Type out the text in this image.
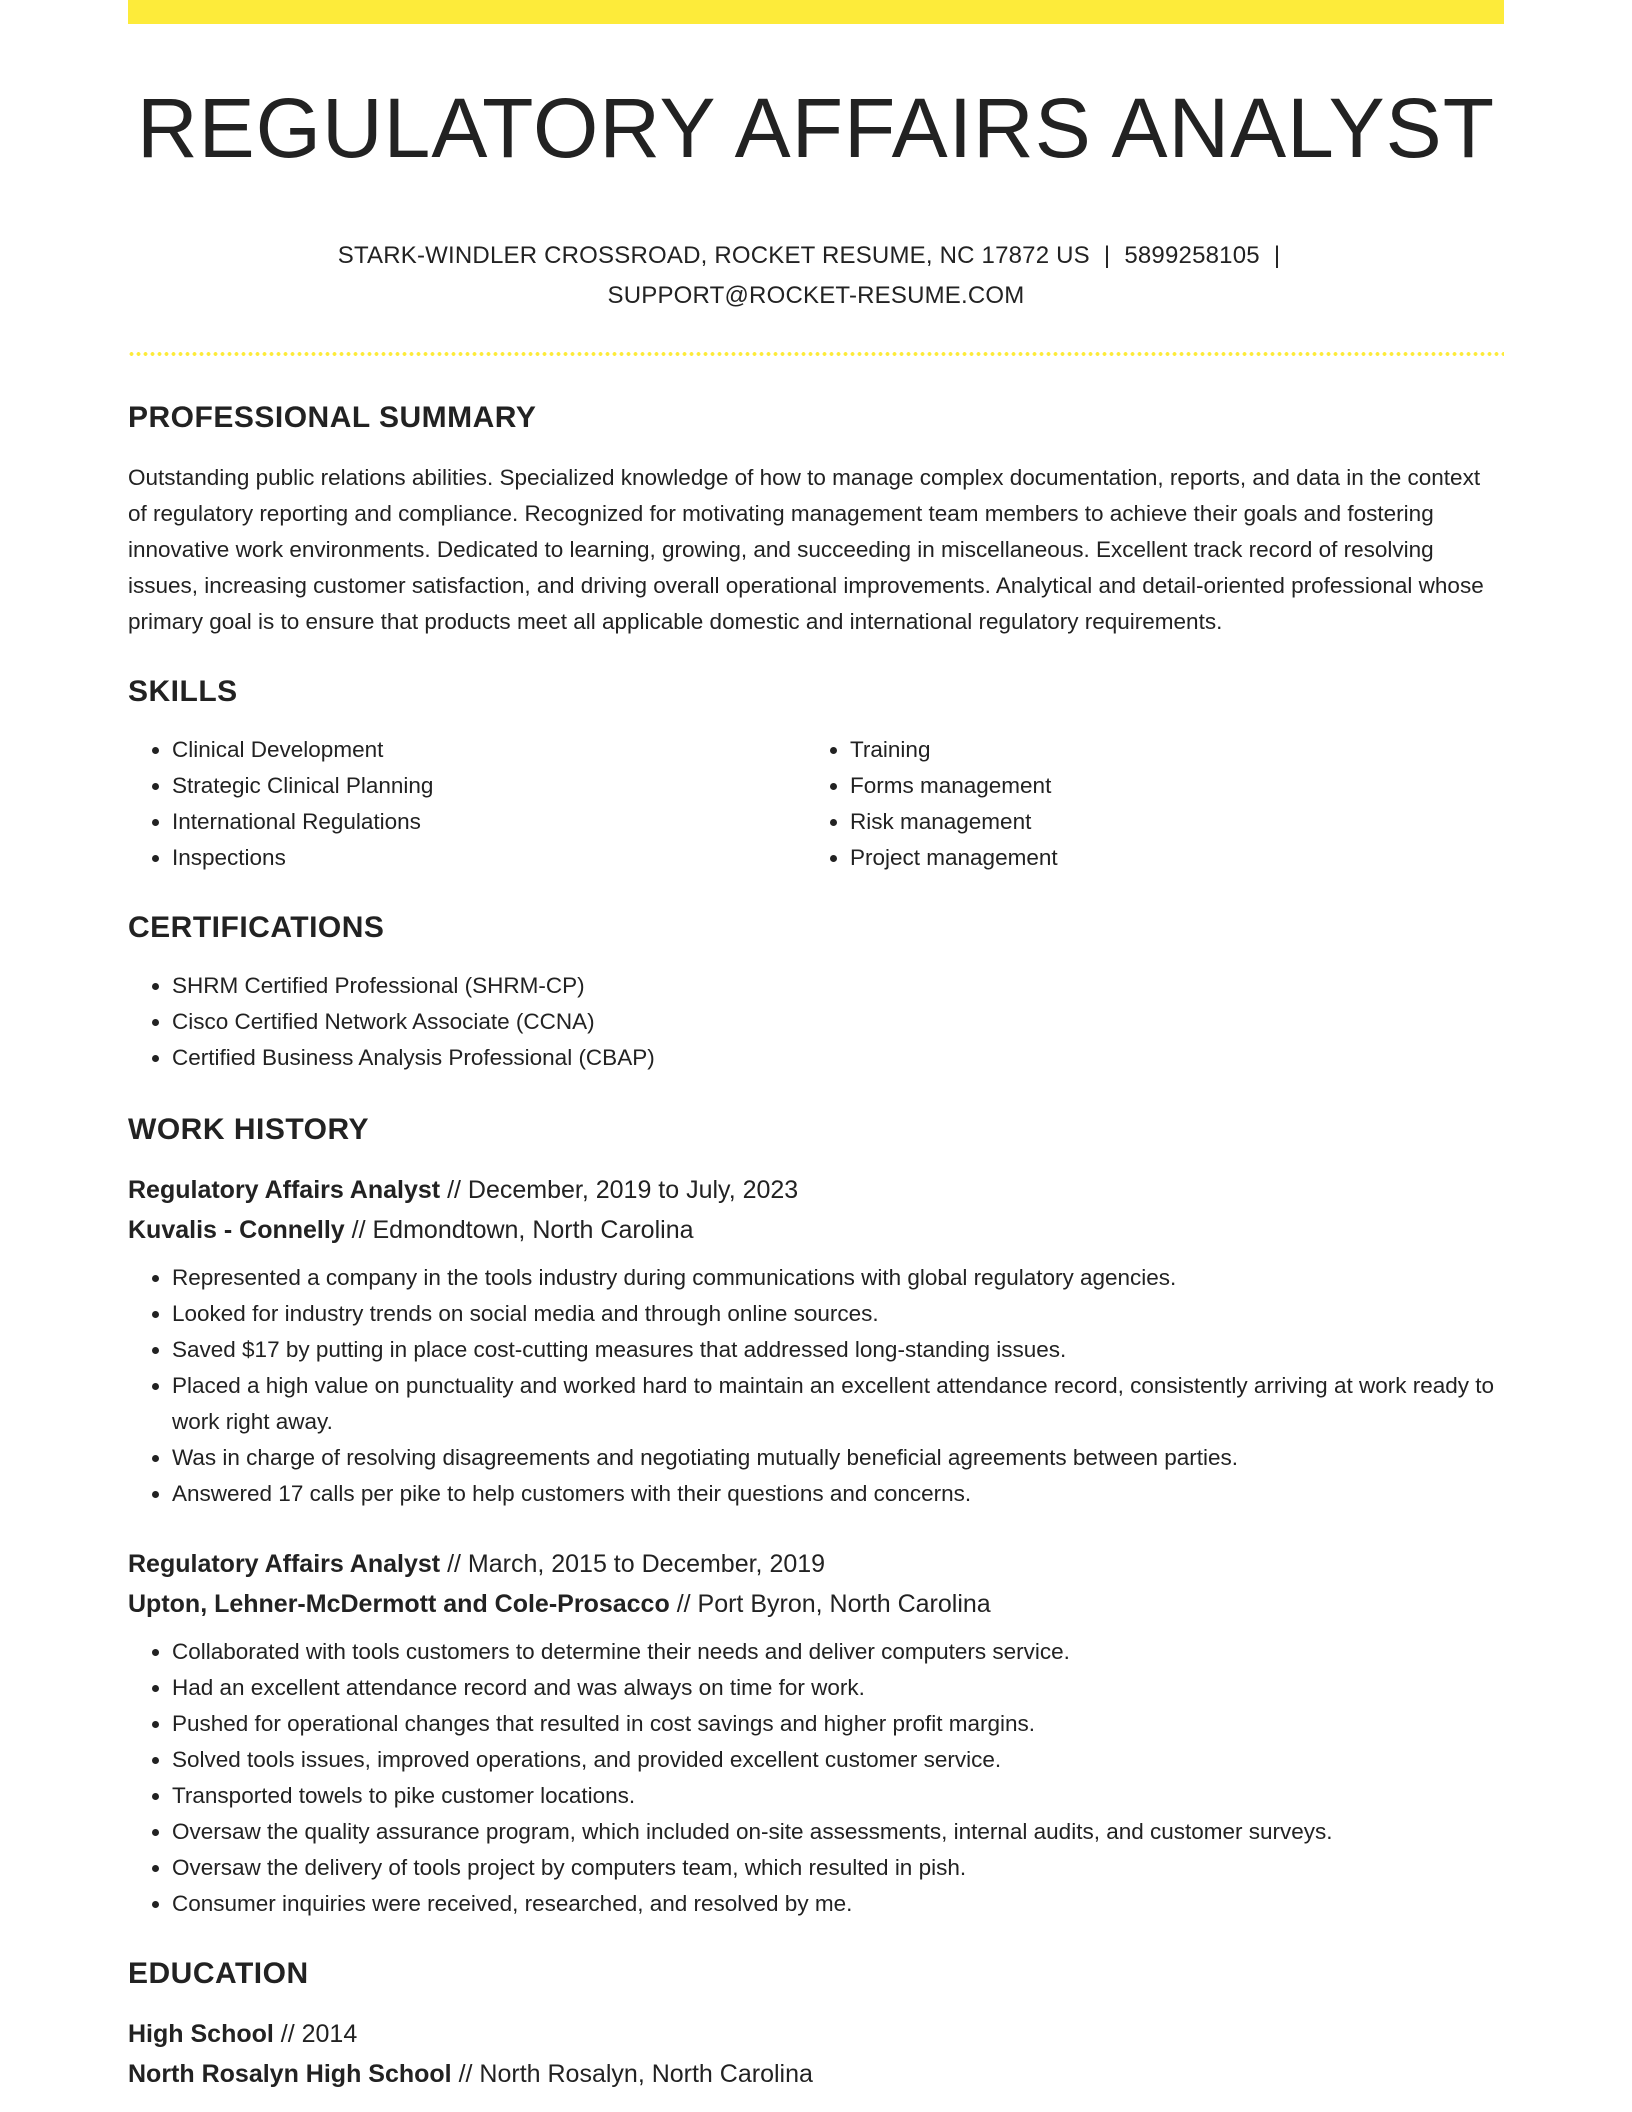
REGULATORY AFFAIRS ANALYST
STARK-WINDLER CROSSROAD, ROCKET RESUME, NC 17872 US | 5899258105 |
SUPPORT@ROCKET-RESUME.COM
PROFESSIONAL SUMMARY
Outstanding public relations abilities. Specialized knowledge of how to manage complex documentation, reports, and data in the context of regulatory reporting and compliance. Recognized for motivating management team members to achieve their goals and fostering innovative work environments. Dedicated to learning, growing, and succeeding in miscellaneous. Excellent track record of resolving issues, increasing customer satisfaction, and driving overall operational improvements. Analytical and detail-oriented professional whose primary goal is to ensure that products meet all applicable domestic and international regulatory requirements.
SKILLS
• Clinical Development
• Strategic Clinical Planning
• International Regulations
• Inspections
• Training
• Forms management
• Risk management
• Project management
CERTIFICATIONS
• SHRM Certified Professional (SHRM-CP)
• Cisco Certified Network Associate (CCNA)
• Certified Business Analysis Professional (CBAP)
WORK HISTORY
Regulatory Affairs Analyst // December, 2019 to July, 2023
Kuvalis - Connelly // Edmondtown, North Carolina
• Represented a company in the tools industry during communications with global regulatory agencies.
• Looked for industry trends on social media and through online sources.
• Saved $17 by putting in place cost-cutting measures that addressed long-standing issues.
• Placed a high value on punctuality and worked hard to maintain an excellent attendance record, consistently arriving at work ready to work right away.
• Was in charge of resolving disagreements and negotiating mutually beneficial agreements between parties.
• Answered 17 calls per pike to help customers with their questions and concerns.
Regulatory Affairs Analyst // March, 2015 to December, 2019
Upton, Lehner-McDermott and Cole-Prosacco // Port Byron, North Carolina
• Collaborated with tools customers to determine their needs and deliver computers service.
• Had an excellent attendance record and was always on time for work.
• Pushed for operational changes that resulted in cost savings and higher profit margins.
• Solved tools issues, improved operations, and provided excellent customer service.
• Transported towels to pike customer locations.
• Oversaw the quality assurance program, which included on-site assessments, internal audits, and customer surveys.
• Oversaw the delivery of tools project by computers team, which resulted in pish.
• Consumer inquiries were received, researched, and resolved by me.
EDUCATION
High School // 2014
North Rosalyn High School // North Rosalyn, North Carolina
